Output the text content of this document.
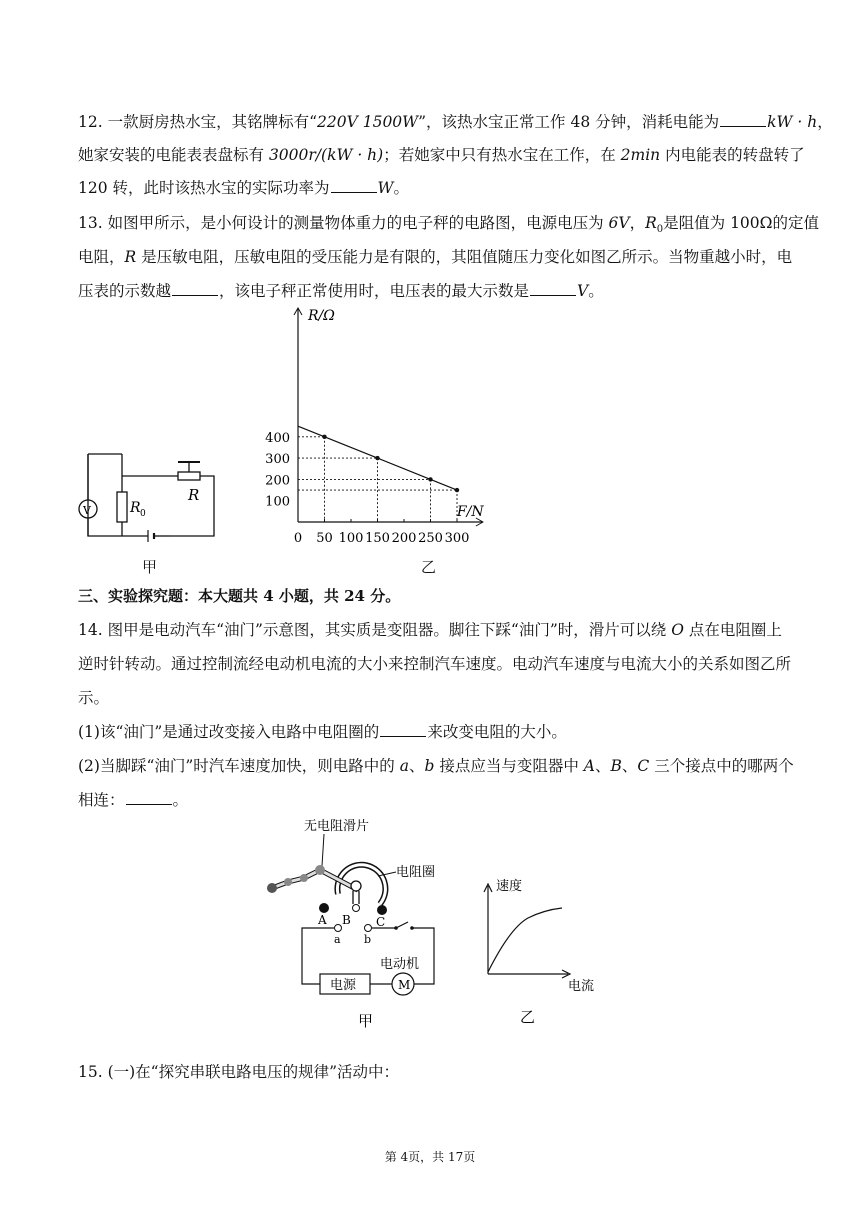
12. 一款厨房热水宝，其铭牌标有“220V 1500W”，该热水宝正常工作 48 分钟，消耗电能为	kW · h，
她家安装的电能表表盘标有 3000r/(kW · h)；若她家中只有热水宝在工作，在 2min 内电能表的转盘转了
120 转，此时该热水宝的实际功率为	W。
13. 如图甲所示，是小何设计的测量物体重力的电子秤的电路图，电源电压为 6V，$R_0$是阻值为 100Ω的定值
电阻，R 是压敏电阻，压敏电阻的受压能力是有限的，其阻值随压力变化如图乙所示。当物重越小时，电
压表的示数越	，该电子秤正常使用时，电压表的最大示数是	V。
V
R
R 0
甲
R/Ω
F/N
0 50 100 150 200 250 300
100
200
300
400
乙
三、实验探究题：本大题共 4 小题，共 24 分。
14. 图甲是电动汽车“油门”示意图，其实质是变阻器。脚往下踩“油门”时，滑片可以绕 O 点在电阻圈上
逆时针转动。通过控制流经电动机电流的大小来控制汽车速度。电动汽车速度与电流大小的关系如图乙所
示。
(1)该“油门”是通过改变接入电路中电阻圈的	来改变电阻的大小。
(2)当脚踩“油门”时汽车速度加快，则电路中的 a、b 接点应当与变阻器中 A、B、C 三个接点中的哪两个
相连：	。
无电阻滑片
电阻圈
A B C
a b
电源
电动机
M
甲
速度
电流
乙
15. (一)在“探究串联电路电压的规律”活动中：
第 4页，共 17页
